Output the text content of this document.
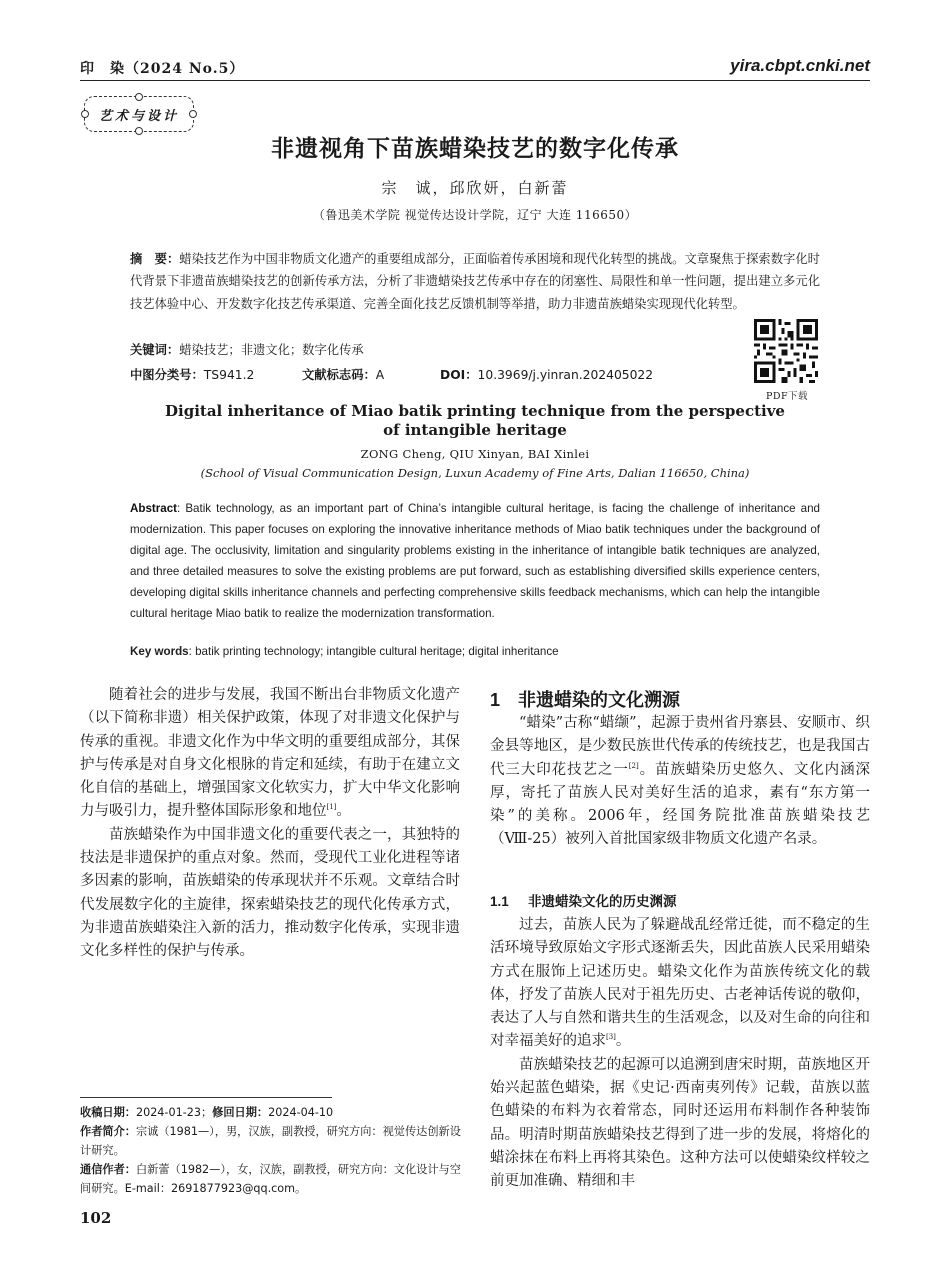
印　染（2024 No.5）	yira.cbpt.cnki.net
艺术与设计
非遗视角下苗族蜡染技艺的数字化传承
宗　诚，邱欣妍，白新蕾
（鲁迅美术学院 视觉传达设计学院，辽宁 大连 116650）
摘　要：蜡染技艺作为中国非物质文化遗产的重要组成部分，正面临着传承困境和现代化转型的挑战。文章聚焦于探索数字化时代背景下非遗苗族蜡染技艺的创新传承方法，分析了非遗蜡染技艺传承中存在的闭塞性、局限性和单一性问题，提出建立多元化技艺体验中心、开发数字化技艺传承渠道、完善全面化技艺反馈机制等举措，助力非遗苗族蜡染实现现代化转型。
关键词：蜡染技艺；非遗文化；数字化传承
中图分类号：TS941.2	文献标志码：A	DOI：10.3969/j.yinran.202405022
PDF下载
Digital inheritance of Miao batik printing technique from the perspective
of intangible heritage
ZONG Cheng, QIU Xinyan, BAI Xinlei
(School of Visual Communication Design, Luxun Academy of Fine Arts, Dalian 116650, China)
Abstract: Batik technology, as an important part of China’s intangible cultural heritage, is facing the challenge of inheritance and modernization. This paper focuses on exploring the innovative inheritance methods of Miao batik techniques under the background of digital age. The occlusivity, limitation and singularity problems existing in the inheritance of intangible batik techniques are analyzed, and three detailed measures to solve the existing problems are put forward, such as establishing diversified skills experience centers, developing digital skills inheritance channels and perfecting comprehensive skills feedback mechanisms, which can help the intangible cultural heritage Miao batik to realize the modernization transformation.
Key words: batik printing technology; intangible cultural heritage; digital inheritance

随着社会的进步与发展，我国不断出台非物质文化遗产（以下简称非遗）相关保护政策，体现了对非遗文化保护与传承的重视。非遗文化作为中华文明的重要组成部分，其保护与传承是对自身文化根脉的肯定和延续，有助于在建立文化自信的基础上，增强国家文化软实力，扩大中华文化影响力与吸引力，提升整体国际形象和地位[1]。

苗族蜡染作为中国非遗文化的重要代表之一，其独特的技法是非遗保护的重点对象。然而，受现代工业化进程等诸多因素的影响，苗族蜡染的传承现状并不乐观。文章结合时代发展数字化的主旋律，探索蜡染技艺的现代化传承方式，为非遗苗族蜡染注入新的活力，推动数字化传承，实现非遗文化多样性的保护与传承。

1 非遗蜡染的文化溯源

“蜡染”古称“蜡缬”，起源于贵州省丹寨县、安顺市、织金县等地区，是少数民族世代传承的传统技艺，也是我国古代三大印花技艺之一[2]。苗族蜡染历史悠久、文化内涵深厚，寄托了苗族人民对美好生活的追求，素有“东方第一染”的美称。2006年，经国务院批准苗族蜡染技艺（Ⅷ-25）被列入首批国家级非物质文化遗产名录。

1.1 非遗蜡染文化的历史渊源

过去，苗族人民为了躲避战乱经常迁徙，而不稳定的生活环境导致原始文字形式逐渐丢失，因此苗族人民采用蜡染方式在服饰上记述历史。蜡染文化作为苗族传统文化的载体，抒发了苗族人民对于祖先历史、古老神话传说的敬仰，表达了人与自然和谐共生的生活观念，以及对生命的向往和对幸福美好的追求[3]。

苗族蜡染技艺的起源可以追溯到唐宋时期，苗族地区开始兴起蓝色蜡染，据《史记·西南夷列传》记载，苗族以蓝色蜡染的布料为衣着常态，同时还运用布料制作各种装饰品。明清时期苗族蜡染技艺得到了进一步的发展，将熔化的蜡涂抹在布料上再将其染色。这种方法可以使蜡染纹样较之前更加准确、精细和丰

收稿日期：2024-01-23；修回日期：2024-04-10
作者简介：宗诚（1981—），男，汉族，副教授，研究方向：视觉传达创新设计研究。
通信作者：白新蕾（1982—），女，汉族，副教授，研究方向：文化设计与空间研究。E-mail：2691877923@qq.com。
102
